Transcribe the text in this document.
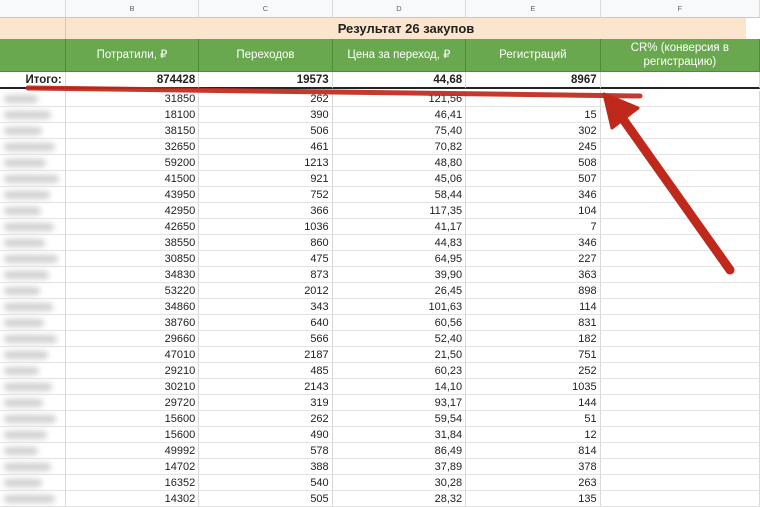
B	C	D	E	F
Результат 26 закупов
Потратили, ₽	Переходов	Цена за переход, ₽	Регистраций
CR% (конверсия в регистрацию)
Итого:	874428	19573	44,68	8967
31850	262	121,56
18100	390	46,41	15
38150	506	75,40	302
32650	461	70,82	245
59200	1213	48,80	508
41500	921	45,06	507
43950	752	58,44	346
42950	366	117,35	104
42650	1036	41,17	7
38550	860	44,83	346
30850	475	64,95	227
34830	873	39,90	363
53220	2012	26,45	898
34860	343	101,63	114
38760	640	60,56	831
29660	566	52,40	182
47010	2187	21,50	751
29210	485	60,23	252
30210	2143	14,10	1035
29720	319	93,17	144
15600	262	59,54	51
15600	490	31,84	12
49992	578	86,49	814
14702	388	37,89	378
16352	540	30,28	263
14302	505	28,32	135
